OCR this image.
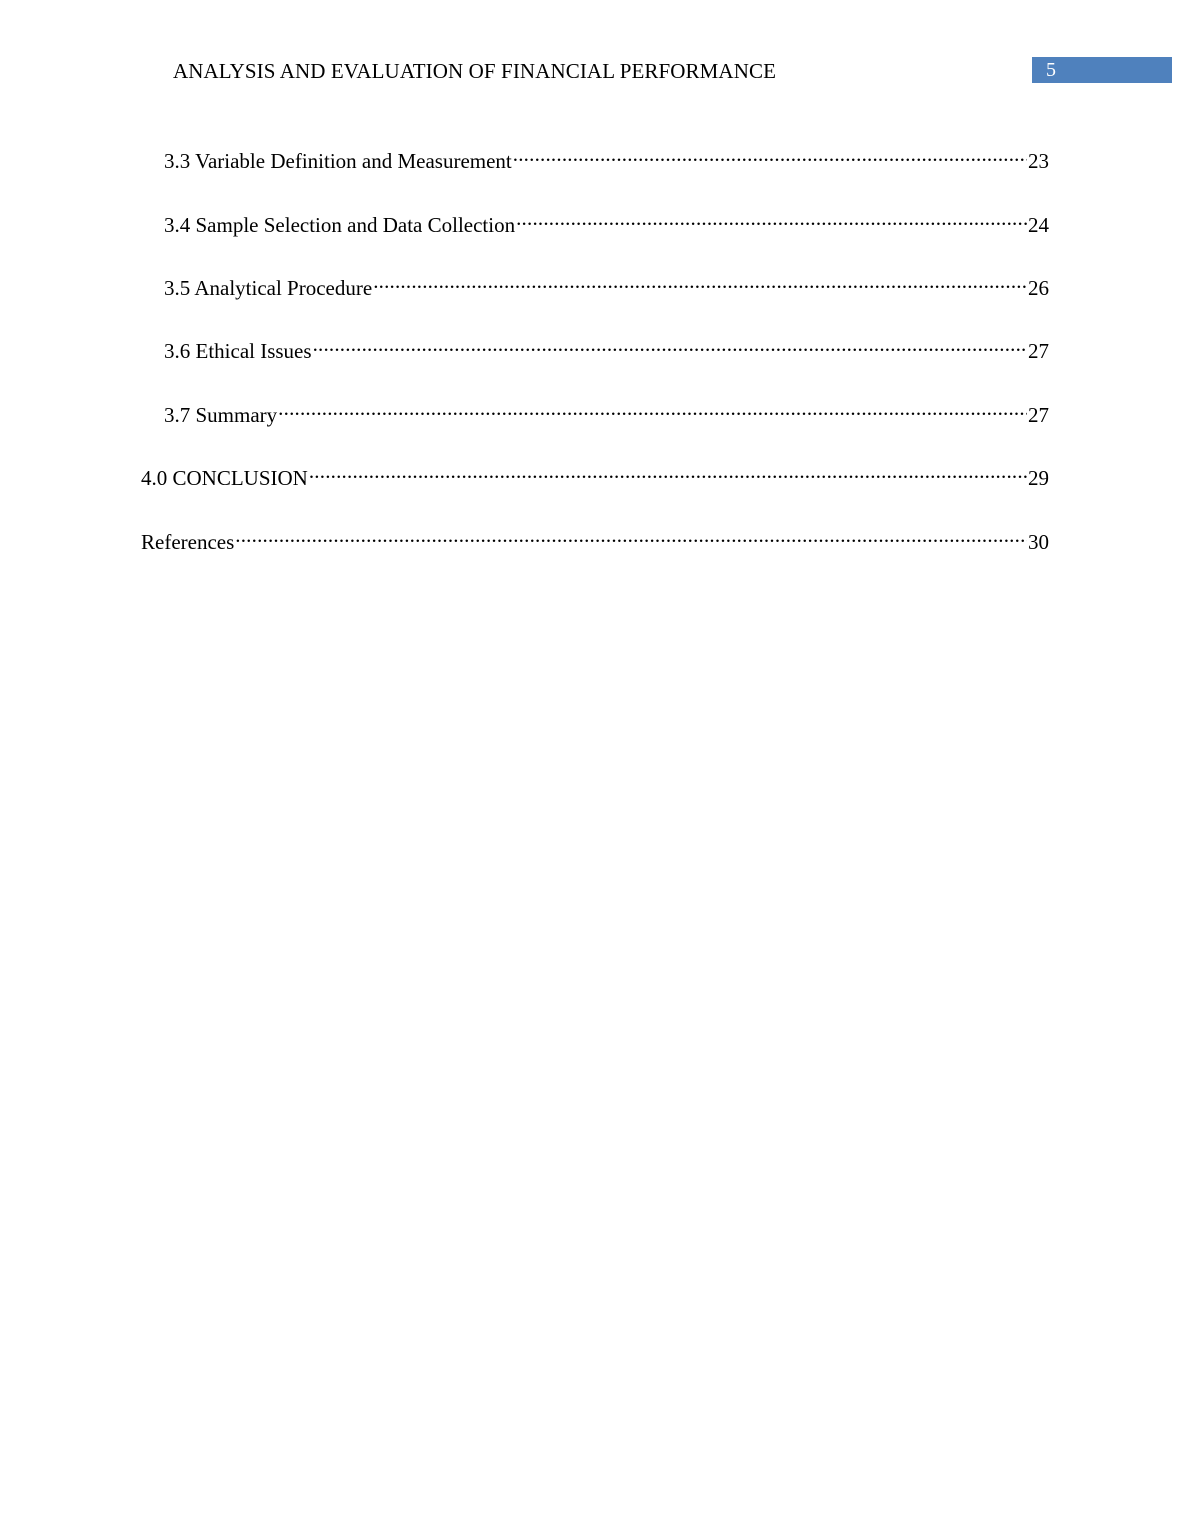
ANALYSIS AND EVALUATION OF FINANCIAL PERFORMANCE	5
3.3 Variable Definition and Measurement .....	23
3.4 Sample Selection and Data Collection .....	24
3.5 Analytical Procedure .....	26
3.6 Ethical Issues .....	27
3.7 Summary .....	27
4.0 CONCLUSION .....	29
References .....	30
